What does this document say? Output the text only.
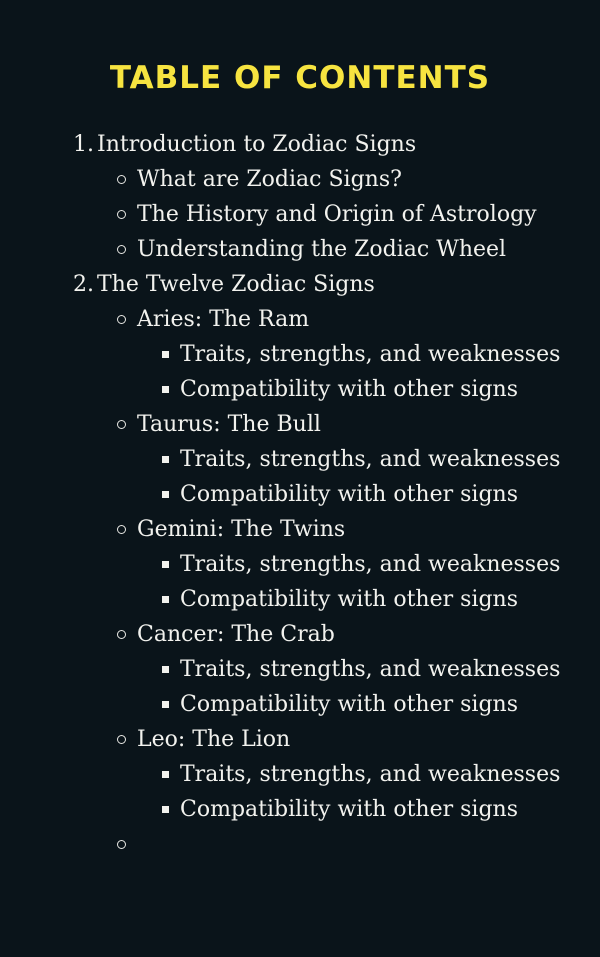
TABLE OF CONTENTS
1. Introduction to Zodiac Signs
What are Zodiac Signs?
The History and Origin of Astrology
Understanding the Zodiac Wheel
2. The Twelve Zodiac Signs
Aries: The Ram
Traits, strengths, and weaknesses
Compatibility with other signs
Taurus: The Bull
Traits, strengths, and weaknesses
Compatibility with other signs
Gemini: The Twins
Traits, strengths, and weaknesses
Compatibility with other signs
Cancer: The Crab
Traits, strengths, and weaknesses
Compatibility with other signs
Leo: The Lion
Traits, strengths, and weaknesses
Compatibility with other signs
